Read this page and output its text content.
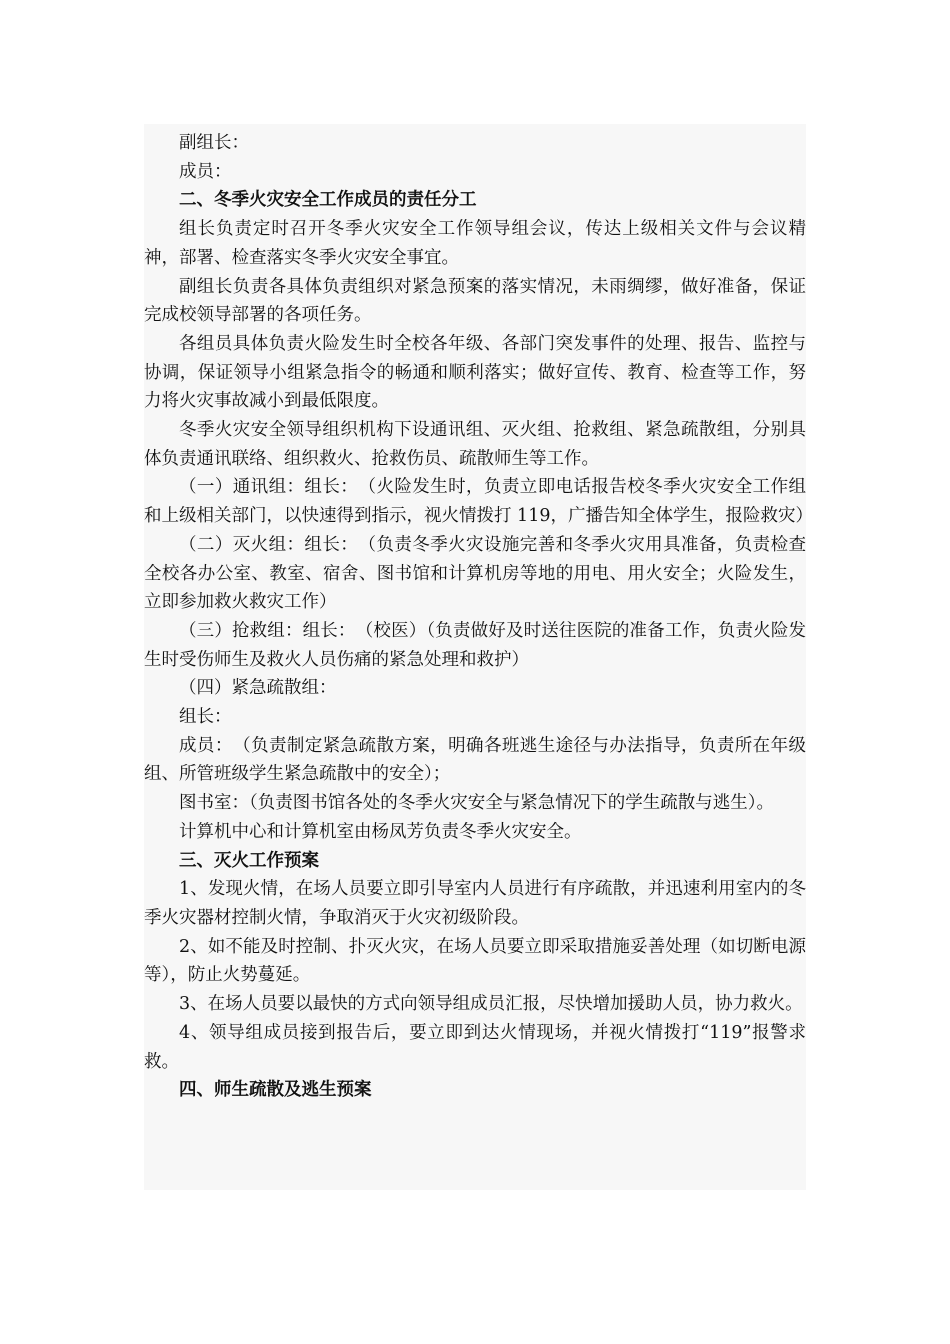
副组长：

成员：

二、冬季火灾安全工作成员的责任分工

组长负责定时召开冬季火灾安全工作领导组会议，传达上级相关文件与会议精神，部署、检查落实冬季火灾安全事宜。

副组长负责各具体负责组织对紧急预案的落实情况，未雨绸缪，做好准备，保证完成校领导部署的各项任务。

各组员具体负责火险发生时全校各年级、各部门突发事件的处理、报告、监控与协调，保证领导小组紧急指令的畅通和顺利落实；做好宣传、教育、检查等工作，努力将火灾事故减小到最低限度。

冬季火灾安全领导组织机构下设通讯组、灭火组、抢救组、紧急疏散组，分别具体负责通讯联络、组织救火、抢救伤员、疏散师生等工作。

（一）通讯组：组长：　（火险发生时，负责立即电话报告校冬季火灾安全工作组和上级相关部门，以快速得到指示，视火情拨打 119，广播告知全体学生，报险救灾）

（二）灭火组：组长：　（负责冬季火灾设施完善和冬季火灾用具准备，负责检查全校各办公室、教室、宿舍、图书馆和计算机房等地的用电、用火安全；火险发生，立即参加救火救灾工作）

（三）抢救组：组长：　（校医）（负责做好及时送往医院的准备工作，负责火险发生时受伤师生及救火人员伤痛的紧急处理和救护）

（四）紧急疏散组：

组长：

成员：　（负责制定紧急疏散方案，明确各班逃生途径与办法指导，负责所在年级组、所管班级学生紧急疏散中的安全）；

图书室：（负责图书馆各处的冬季火灾安全与紧急情况下的学生疏散与逃生）。

计算机中心和计算机室由杨凤芳负责冬季火灾安全。

三、灭火工作预案

1、发现火情，在场人员要立即引导室内人员进行有序疏散，并迅速利用室内的冬季火灾器材控制火情，争取消灭于火灾初级阶段。

2、如不能及时控制、扑灭火灾，在场人员要立即采取措施妥善处理（如切断电源等），防止火势蔓延。

3、在场人员要以最快的方式向领导组成员汇报，尽快增加援助人员，协力救火。

4、领导组成员接到报告后，要立即到达火情现场，并视火情拨打“119”报警求救。

四、师生疏散及逃生预案
